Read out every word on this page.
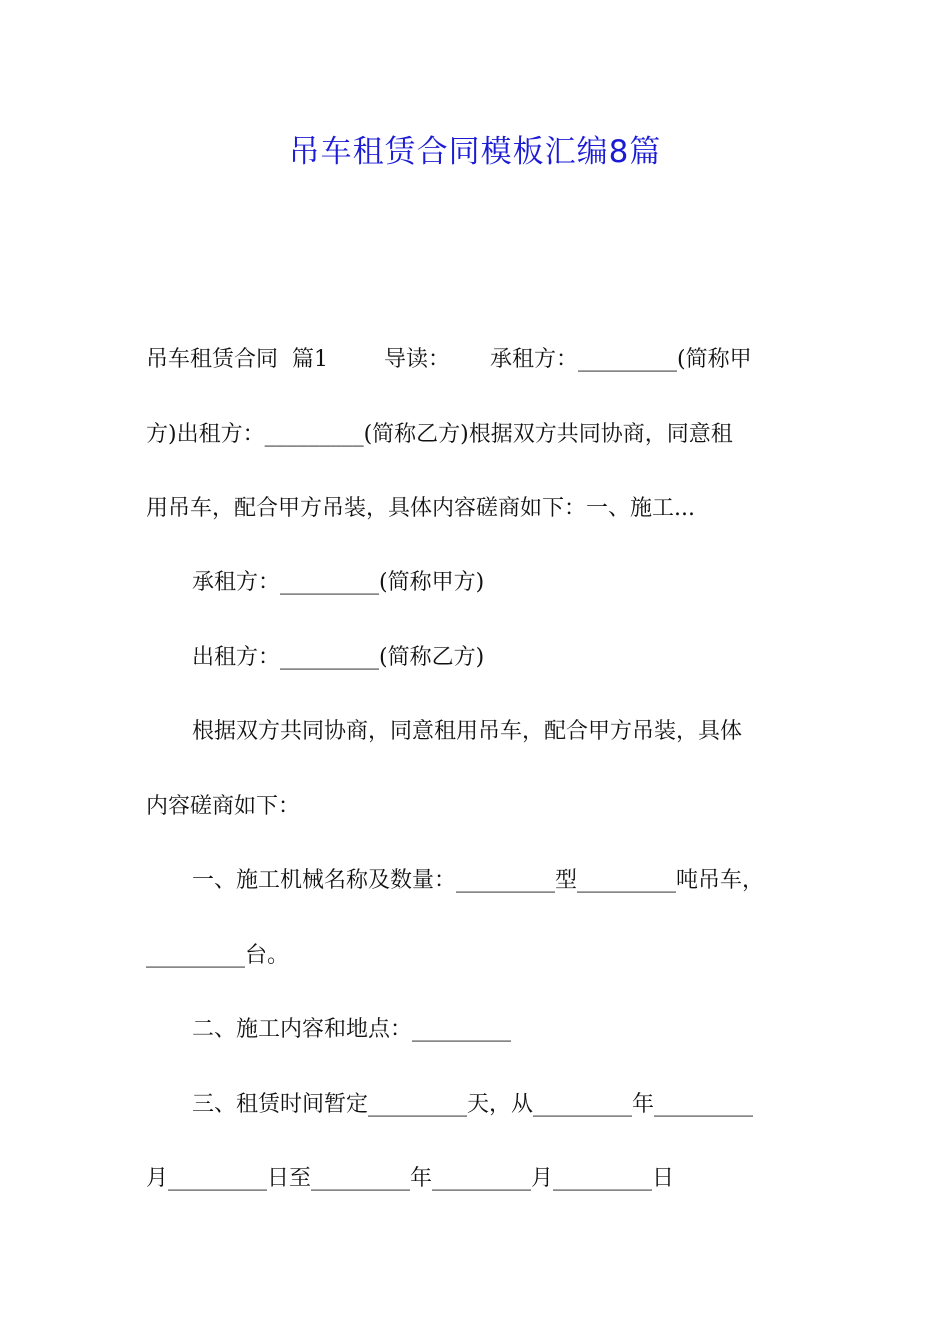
吊车租赁合同模板汇编8篇

吊车租赁合同  篇1	导读： 承租方：_________(简称甲

方)出租方：_________(简称乙方)根据双方共同协商，同意租

用吊车，配合甲方吊装，具体内容磋商如下：一、施工...

承租方：_________(简称甲方)

出租方：_________(简称乙方)

根据双方共同协商，同意租用吊车，配合甲方吊装，具体

内容磋商如下：

一、施工机械名称及数量：_________型_________吨吊车，

_________台。

二、施工内容和地点：_________

三、租赁时间暂定_________天，从_________年_________

月_________日至_________年_________月_________日
